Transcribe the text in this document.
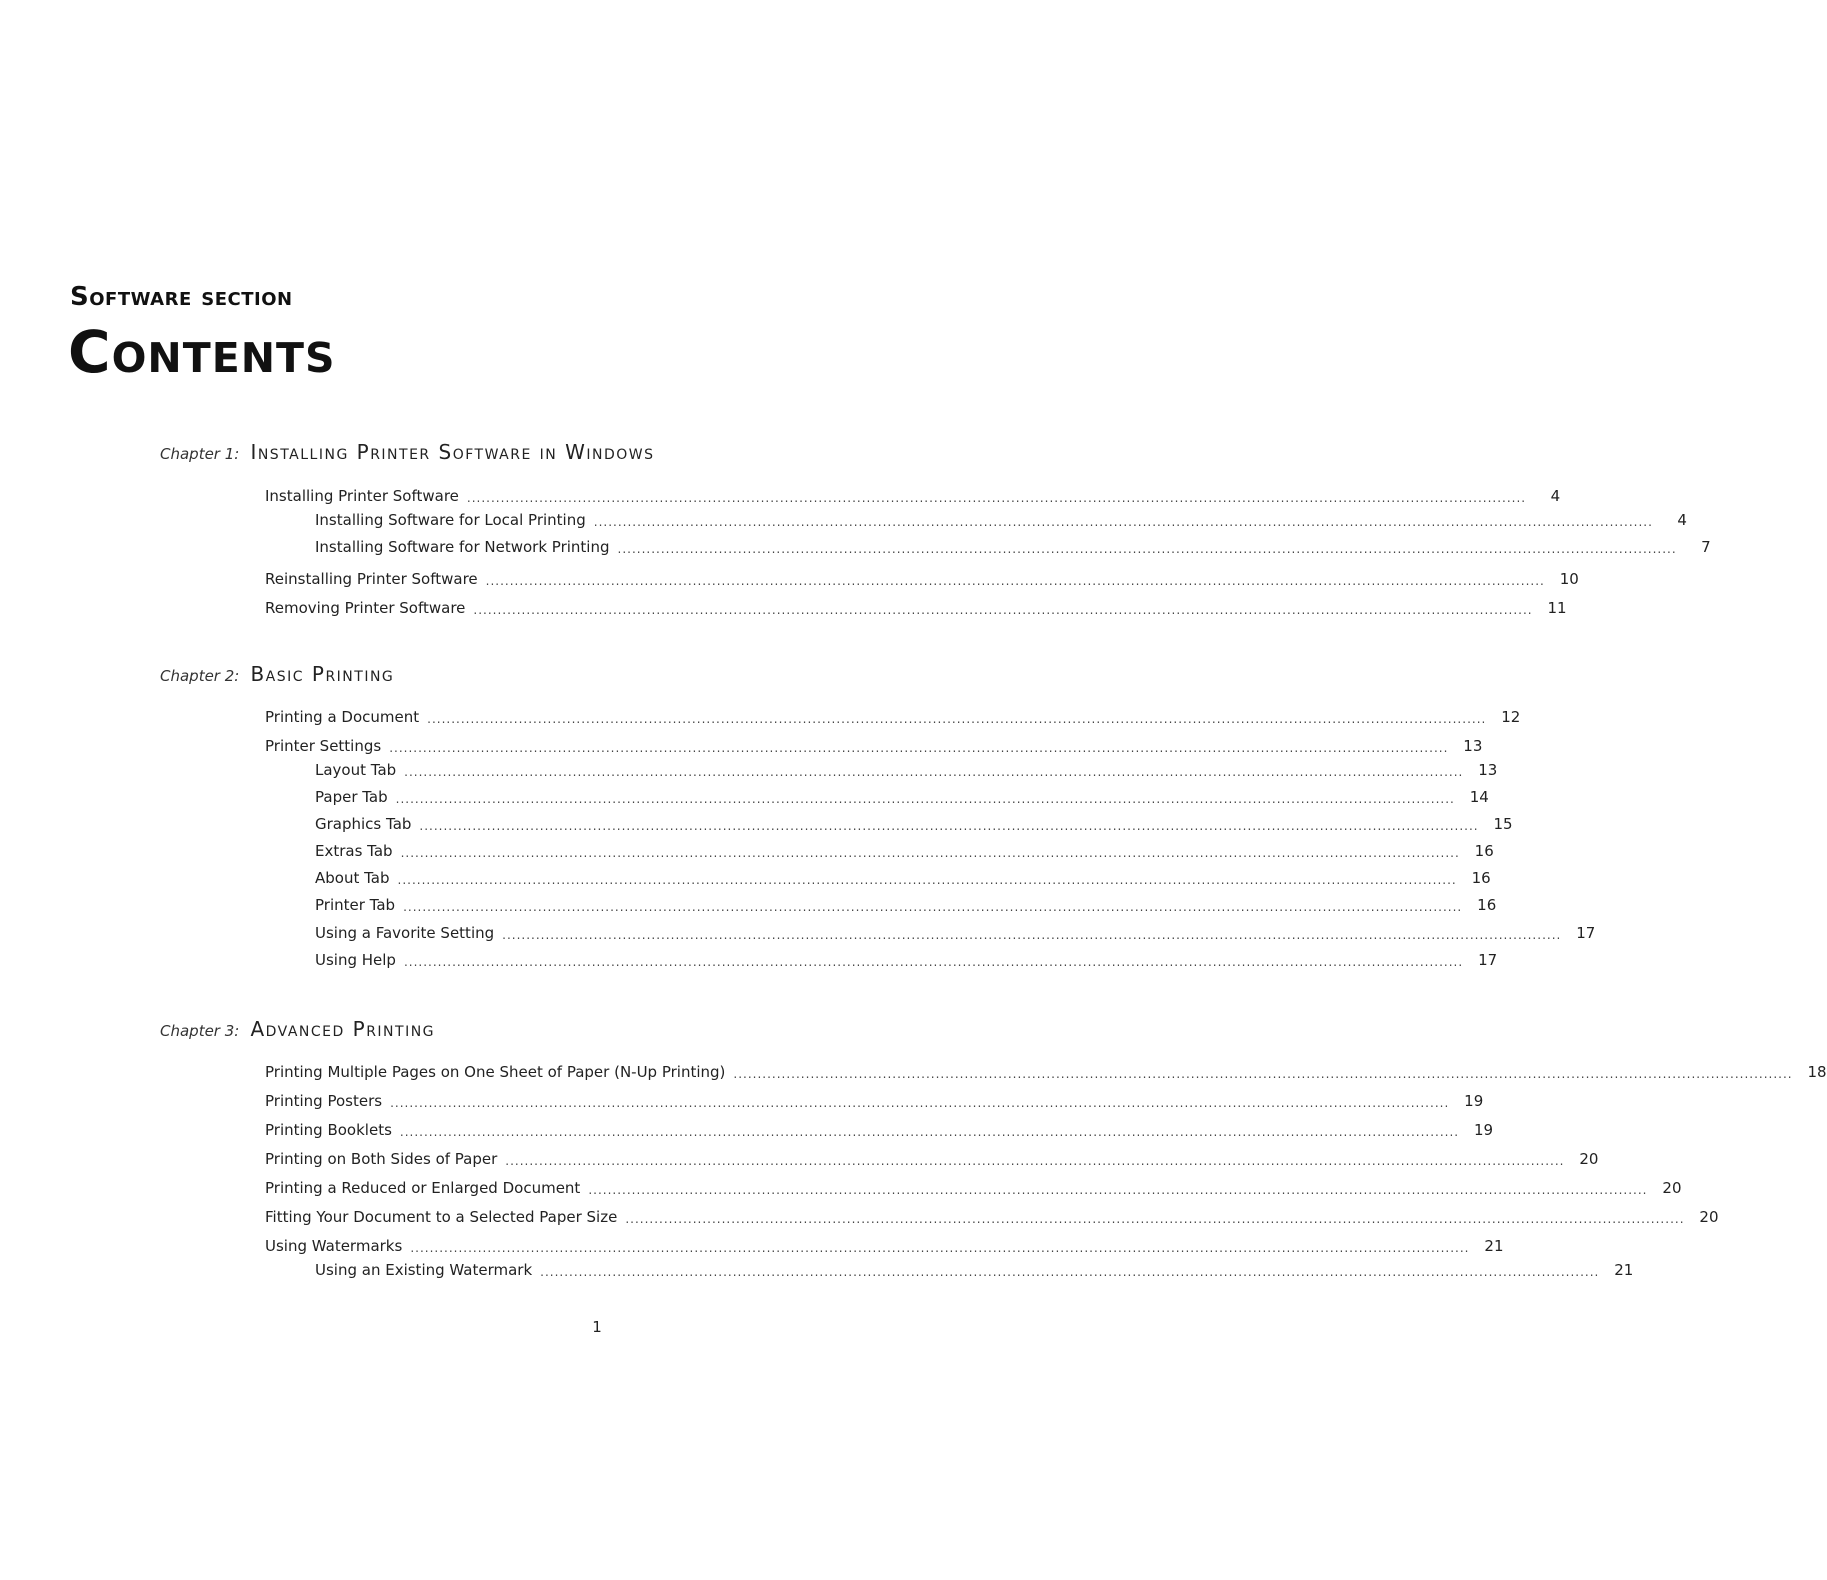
Software section
Contents
Chapter 1: Installing Printer Software in Windows
Installing Printer Software ............................................................................................................................................................................................................................	4
Installing Software for Local Printing ............................................................................................................................................................................................................................	4
Installing Software for Network Printing ............................................................................................................................................................................................................................	7
Reinstalling Printer Software ............................................................................................................................................................................................................................ 10
Removing Printer Software ............................................................................................................................................................................................................................ 11
Chapter 2: Basic Printing
Printing a Document ............................................................................................................................................................................................................................ 12
Printer Settings ............................................................................................................................................................................................................................ 13
Layout Tab ............................................................................................................................................................................................................................ 13
Paper Tab ............................................................................................................................................................................................................................ 14
Graphics Tab ............................................................................................................................................................................................................................ 15
Extras Tab ............................................................................................................................................................................................................................ 16
About Tab ............................................................................................................................................................................................................................ 16
Printer Tab ............................................................................................................................................................................................................................ 16
Using a Favorite Setting ............................................................................................................................................................................................................................ 17
Using Help ............................................................................................................................................................................................................................ 17
Chapter 3: Advanced Printing
Printing Multiple Pages on One Sheet of Paper (N-Up Printing) ............................................................................................................................................................................................................................ 18
Printing Posters ............................................................................................................................................................................................................................ 19
Printing Booklets ............................................................................................................................................................................................................................ 19
Printing on Both Sides of Paper ............................................................................................................................................................................................................................ 20
Printing a Reduced or Enlarged Document ............................................................................................................................................................................................................................ 20
Fitting Your Document to a Selected Paper Size ............................................................................................................................................................................................................................ 20
Using Watermarks ............................................................................................................................................................................................................................ 21
Using an Existing Watermark ............................................................................................................................................................................................................................ 21
1
